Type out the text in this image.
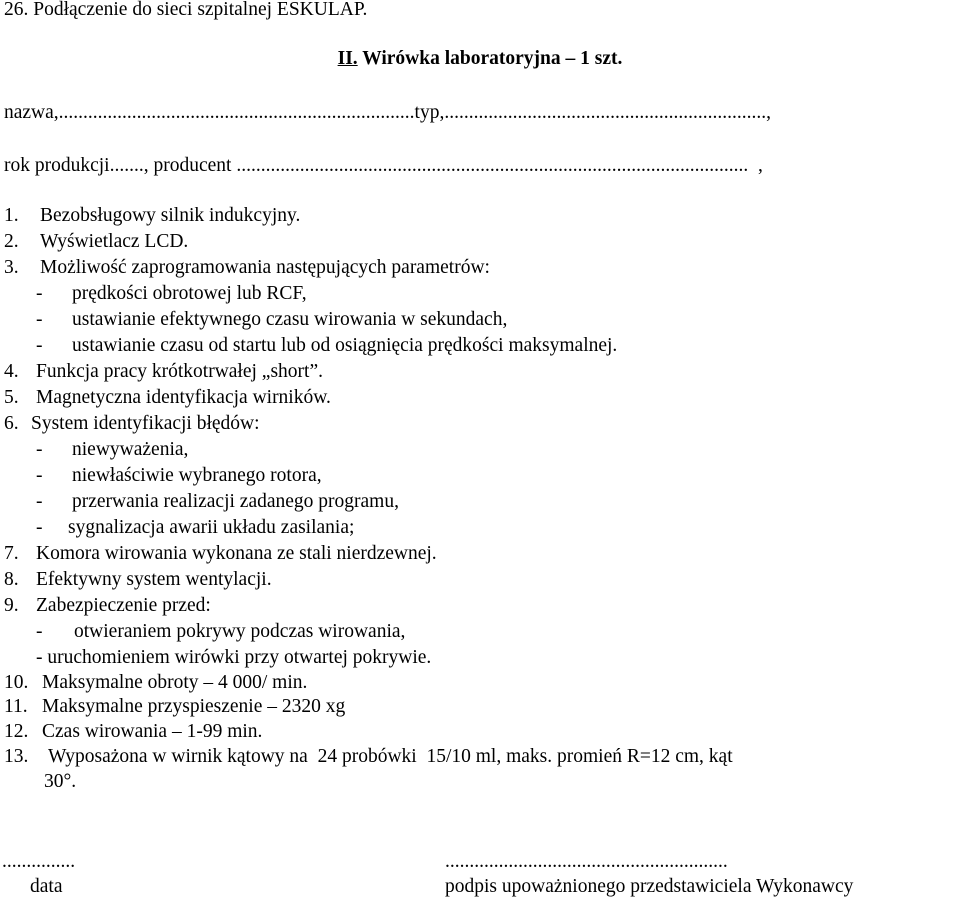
26. Podłączenie do sieci szpitalnej ESKULAP.
II. Wirówka laboratoryjna – 1 szt.
nazwa,.........................................................................typ,..................................................................,
rok produkcji......., producent .........................................................................................................  ,
1. Bezobsługowy silnik indukcyjny.
2. Wyświetlacz LCD.
3. Możliwość zaprogramowania następujących parametrów:
- prędkości obrotowej lub RCF,
- ustawianie efektywnego czasu wirowania w sekundach,
- ustawianie czasu od startu lub od osiągnięcia prędkości maksymalnej.
4. Funkcja pracy krótkotrwałej „short”.
5. Magnetyczna identyfikacja wirników.
6. System identyfikacji błędów:
- niewyważenia,
- niewłaściwie wybranego rotora,
- przerwania realizacji zadanego programu,
- sygnalizacja awarii układu zasilania;
7. Komora wirowania wykonana ze stali nierdzewnej.
8. Efektywny system wentylacji.
9. Zabezpieczenie przed:
- otwieraniem pokrywy podczas wirowania,
- uruchomieniem wirówki przy otwartej pokrywie.
10. Maksymalne obroty – 4 000/ min.
11. Maksymalne przyspieszenie – 2320 xg
12. Czas wirowania – 1-99 min.
13. Wyposażona w wirnik kątowy na  24 probówki  15/10 ml, maks. promień R=12 cm, kąt
30°.
...............	..........................................................
data	podpis upoważnionego przedstawiciela Wykonawcy
